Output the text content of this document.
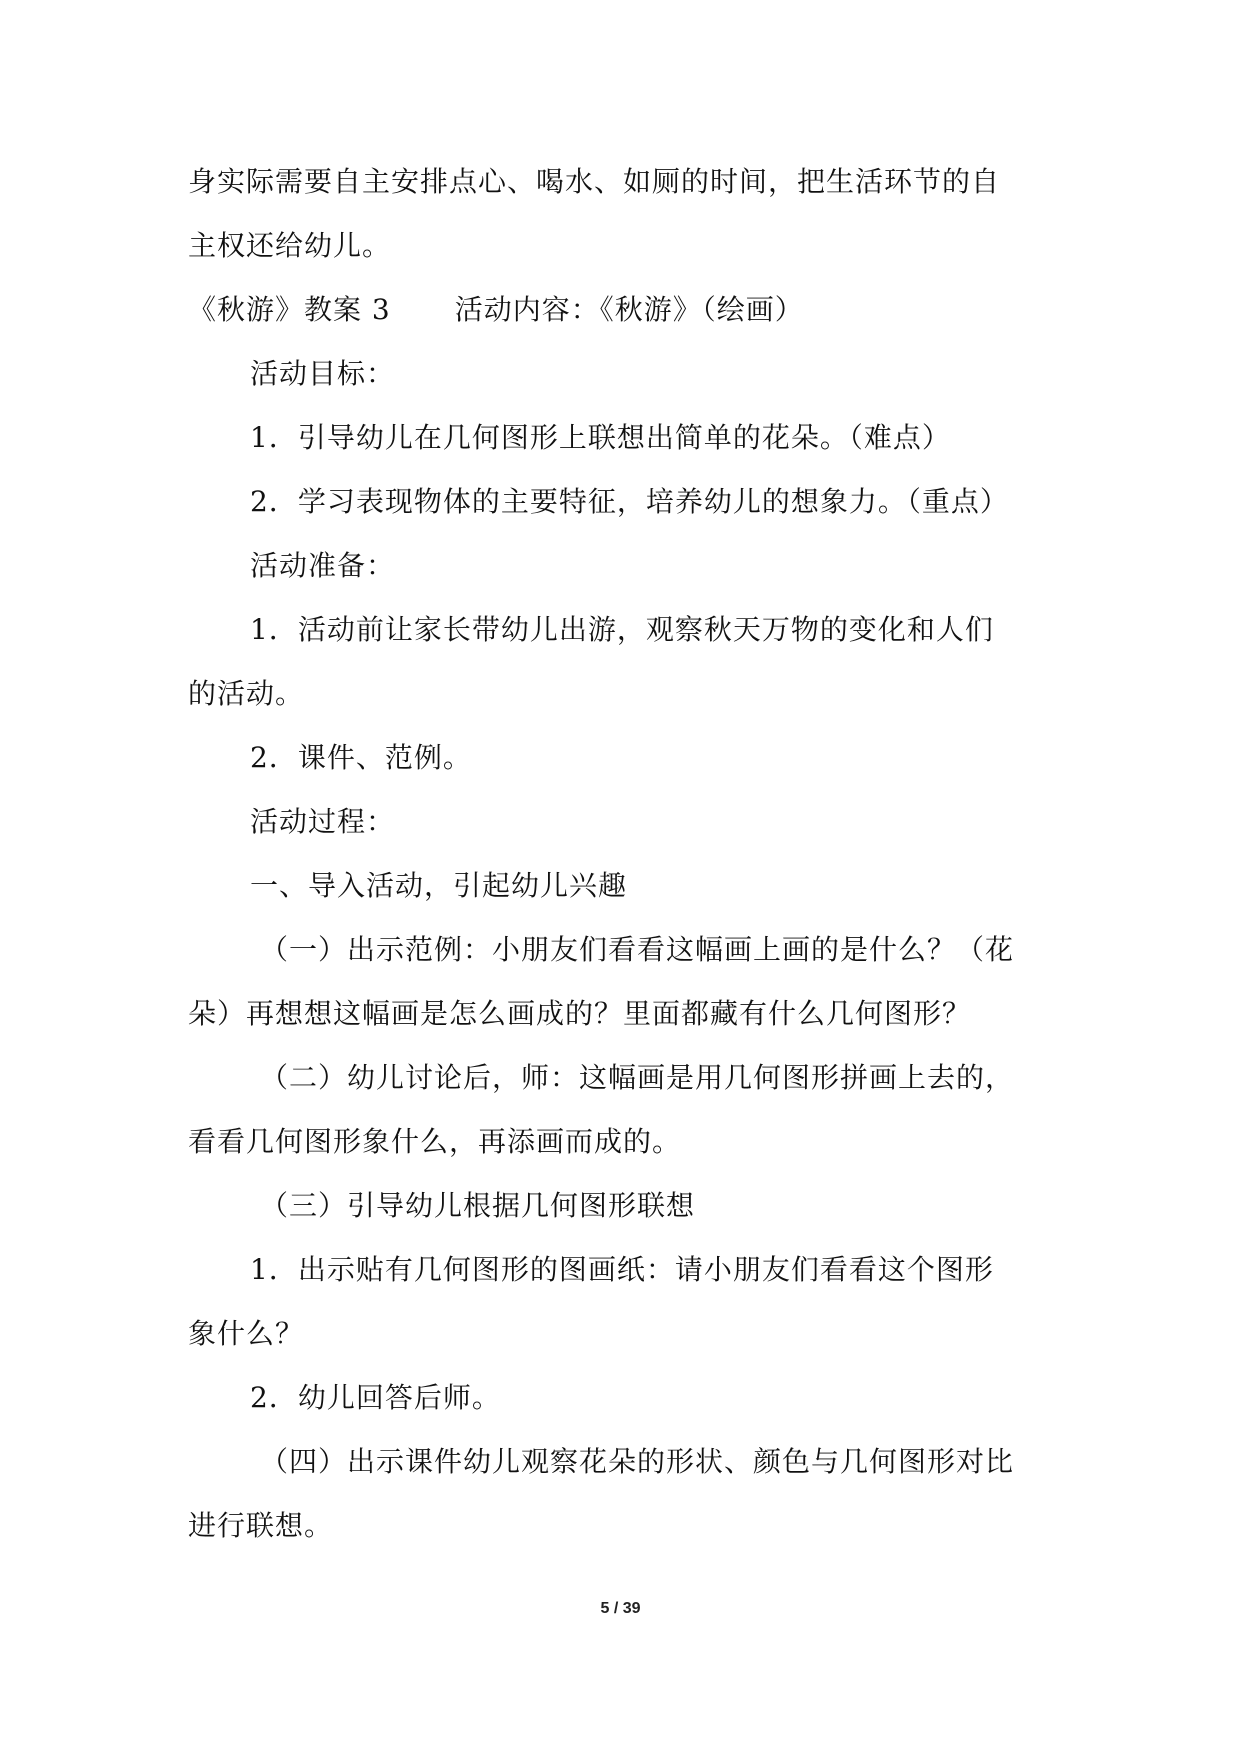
身实际需要自主安排点心、喝水、如厕的时间，把生活环节的自
主权还给幼儿。
《秋游》教案 3 活动内容：《秋游》（绘画）
活动目标：
1．引导幼儿在几何图形上联想出简单的花朵。（难点）
2．学习表现物体的主要特征，培养幼儿的想象力。（重点）
活动准备：
1．活动前让家长带幼儿出游，观察秋天万物的变化和人们
的活动。
2．课件、范例。
活动过程：
一、导入活动，引起幼儿兴趣
（一）出示范例：小朋友们看看这幅画上画的是什么？（花
朵）再想想这幅画是怎么画成的？里面都藏有什么几何图形？
（二）幼儿讨论后，师：这幅画是用几何图形拼画上去的，
看看几何图形象什么，再添画而成的。
（三）引导幼儿根据几何图形联想
1．出示贴有几何图形的图画纸：请小朋友们看看这个图形
象什么？
2．幼儿回答后师。
（四）出示课件幼儿观察花朵的形状、颜色与几何图形对比
进行联想。
5 / 39
